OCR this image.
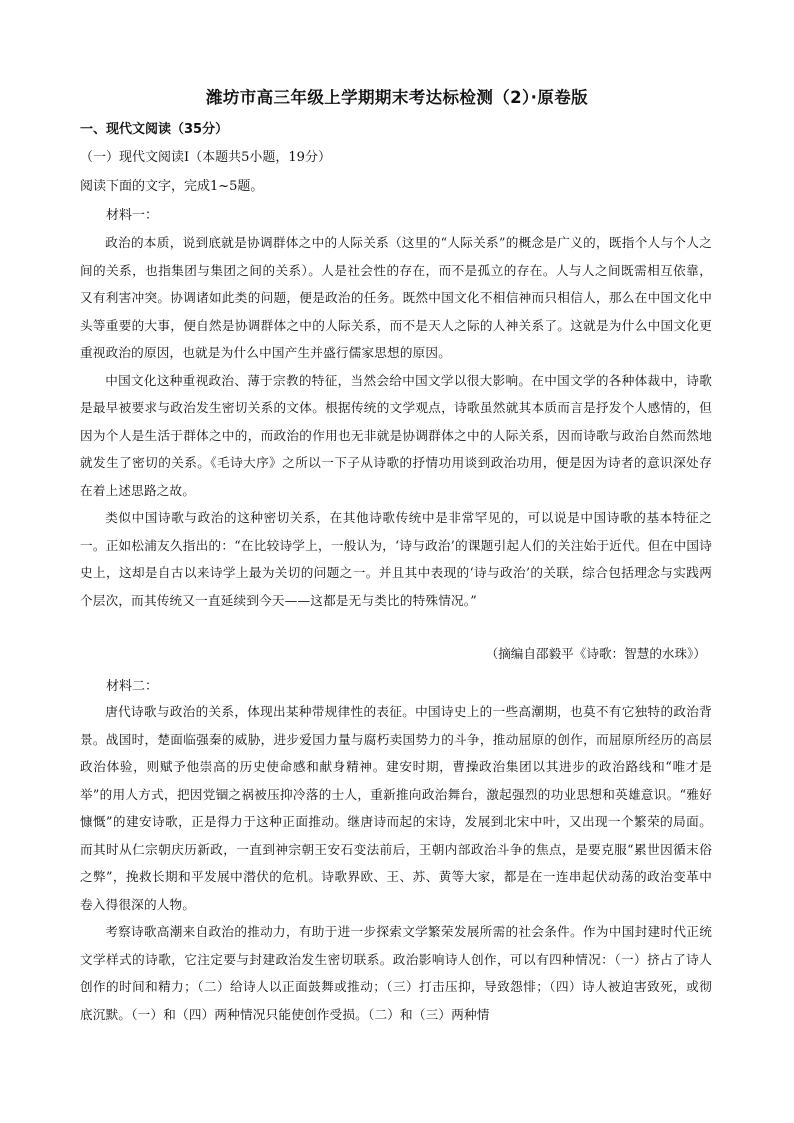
潍坊市高三年级上学期期末考达标检测（2）·原卷版
一、现代文阅读（35分）
（一）现代文阅读Ⅰ（本题共5小题，19分）
阅读下面的文字，完成1~5题。
材料一：

政治的本质，说到底就是协调群体之中的人际关系（这里的“人际关系”的概念是广义的，既指个人与个人之间的关系，也指集团与集团之间的关系）。人是社会性的存在，而不是孤立的存在。人与人之间既需相互依靠，又有利害冲突。协调诸如此类的问题，便是政治的任务。既然中国文化不相信神而只相信人，那么在中国文化中头等重要的大事，便自然是协调群体之中的人际关系，而不是天人之际的人神关系了。这就是为什么中国文化更重视政治的原因，也就是为什么中国产生并盛行儒家思想的原因。

中国文化这种重视政治、薄于宗教的特征，当然会给中国文学以很大影响。在中国文学的各种体裁中，诗歌是最早被要求与政治发生密切关系的文体。根据传统的文学观点，诗歌虽然就其本质而言是抒发个人感情的，但因为个人是生活于群体之中的，而政治的作用也无非就是协调群体之中的人际关系，因而诗歌与政治自然而然地就发生了密切的关系。《毛诗大序》之所以一下子从诗歌的抒情功用谈到政治功用，便是因为诗者的意识深处存在着上述思路之故。

类似中国诗歌与政治的这种密切关系，在其他诗歌传统中是非常罕见的，可以说是中国诗歌的基本特征之一。正如松浦友久指出的：“在比较诗学上，一般认为，‘诗与政治’的课题引起人们的关注始于近代。但在中国诗史上，这却是自古以来诗学上最为关切的问题之一。并且其中表现的‘诗与政治’的关联，综合包括理念与实践两个层次，而其传统又一直延续到今天——这都是无与类比的特殊情况。”

（摘编自邵毅平《诗歌：智慧的水珠》）
材料二：

唐代诗歌与政治的关系，体现出某种带规律性的表征。中国诗史上的一些高潮期，也莫不有它独特的政治背景。战国时，楚面临强秦的威胁，进步爱国力量与腐朽卖国势力的斗争，推动屈原的创作，而屈原所经历的高层政治体验，则赋予他崇高的历史使命感和献身精神。建安时期，曹操政治集团以其进步的政治路线和“唯才是举”的用人方式，把因党锢之祸被压抑冷落的士人，重新推向政治舞台，激起强烈的功业思想和英雄意识。“雅好慷慨”的建安诗歌，正是得力于这种正面推动。继唐诗而起的宋诗，发展到北宋中叶，又出现一个繁荣的局面。而其时从仁宗朝庆历新政，一直到神宗朝王安石变法前后，王朝内部政治斗争的焦点，是要克服“累世因循末俗之弊”，挽救长期和平发展中潜伏的危机。诗歌界欧、王、苏、黄等大家，都是在一连串起伏动荡的政治变革中卷入得很深的人物。

考察诗歌高潮来自政治的推动力，有助于进一步探索文学繁荣发展所需的社会条件。作为中国封建时代正统文学样式的诗歌，它注定要与封建政治发生密切联系。政治影响诗人创作，可以有四种情况：（一）挤占了诗人创作的时间和精力；（二）给诗人以正面鼓舞或推动；（三）打击压抑，导致怨悱；（四）诗人被迫害致死，或彻底沉默。（一）和（四）两种情况只能使创作受损。（二）和（三）两种情
